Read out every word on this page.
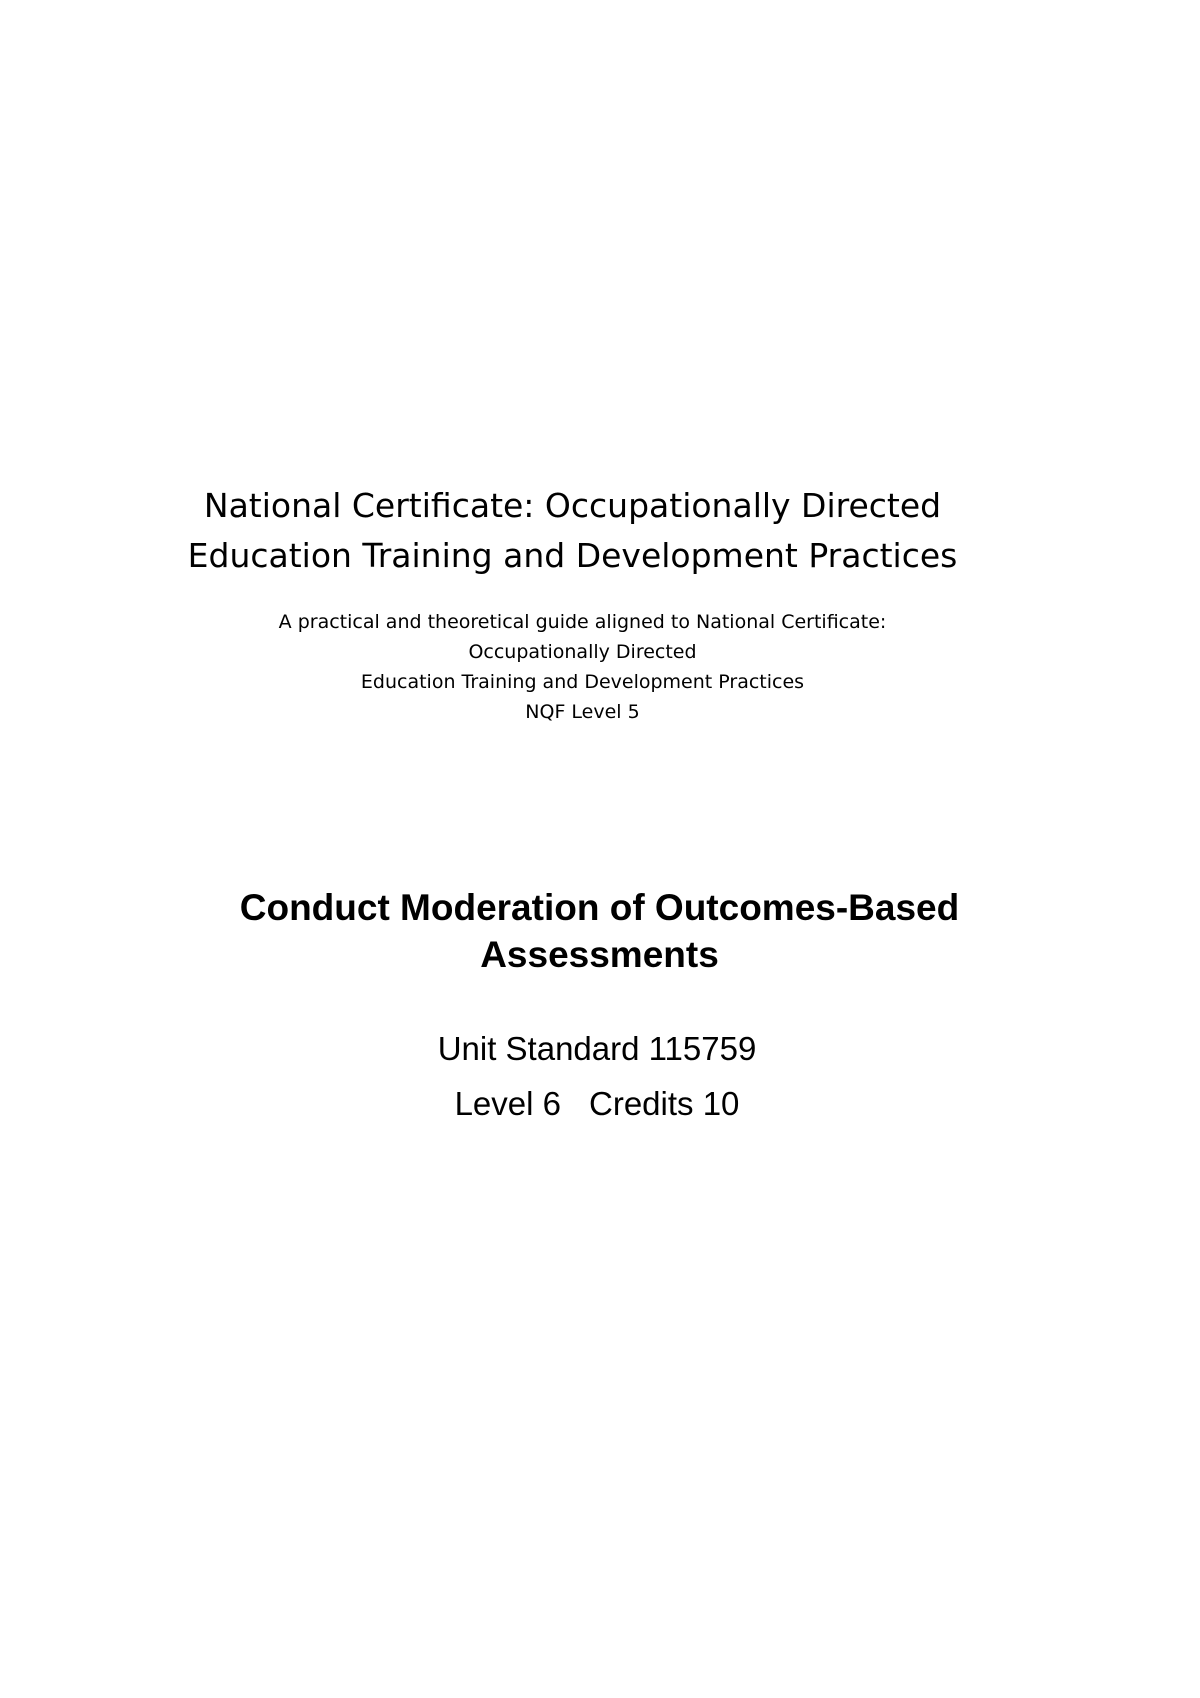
National Certificate: Occupationally Directed
Education Training and Development Practices
A practical and theoretical guide aligned to National Certificate:
Occupationally Directed
Education Training and Development Practices
NQF Level 5
Conduct Moderation of Outcomes-Based
Assessments
Unit Standard 115759
Level 6 Credits 10
